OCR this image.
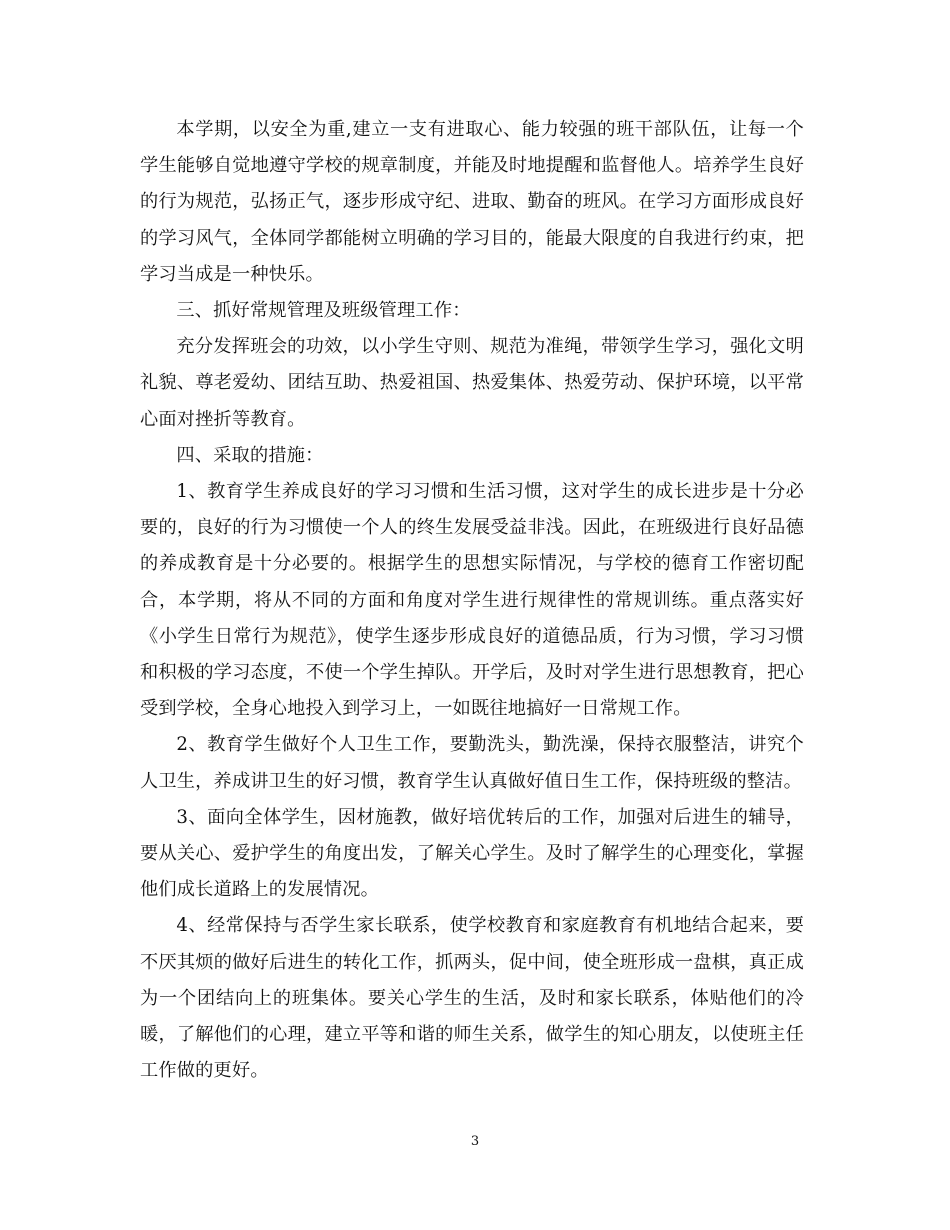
本学期，以安全为重,建立一支有进取心、能力较强的班干部队伍，让每一个学生能够自觉地遵守学校的规章制度，并能及时地提醒和监督他人。培养学生良好的行为规范，弘扬正气，逐步形成守纪、进取、勤奋的班风。在学习方面形成良好的学习风气，全体同学都能树立明确的学习目的，能最大限度的自我进行约束，把学习当成是一种快乐。

三、抓好常规管理及班级管理工作：

充分发挥班会的功效，以小学生守则、规范为准绳，带领学生学习，强化文明礼貌、尊老爱幼、团结互助、热爱祖国、热爱集体、热爱劳动、保护环境，以平常心面对挫折等教育。

四、采取的措施：

1、教育学生养成良好的学习习惯和生活习惯，这对学生的成长进步是十分必要的，良好的行为习惯使一个人的终生发展受益非浅。因此，在班级进行良好品德的养成教育是十分必要的。根据学生的思想实际情况，与学校的德育工作密切配合，本学期，将从不同的方面和角度对学生进行规律性的常规训练。重点落实好《小学生日常行为规范》，使学生逐步形成良好的道德品质，行为习惯，学习习惯和积极的学习态度，不使一个学生掉队。开学后，及时对学生进行思想教育，把心受到学校，全身心地投入到学习上，一如既往地搞好一日常规工作。

2、教育学生做好个人卫生工作，要勤洗头，勤洗澡，保持衣服整洁，讲究个人卫生，养成讲卫生的好习惯，教育学生认真做好值日生工作，保持班级的整洁。

3、面向全体学生，因材施教，做好培优转后的工作，加强对后进生的辅导，要从关心、爱护学生的角度出发，了解关心学生。及时了解学生的心理变化，掌握他们成长道路上的发展情况。

4、经常保持与否学生家长联系，使学校教育和家庭教育有机地结合起来，要不厌其烦的做好后进生的转化工作，抓两头，促中间，使全班形成一盘棋，真正成为一个团结向上的班集体。要关心学生的生活，及时和家长联系，体贴他们的冷暖，了解他们的心理，建立平等和谐的师生关系，做学生的知心朋友，以使班主任工作做的更好。

3
